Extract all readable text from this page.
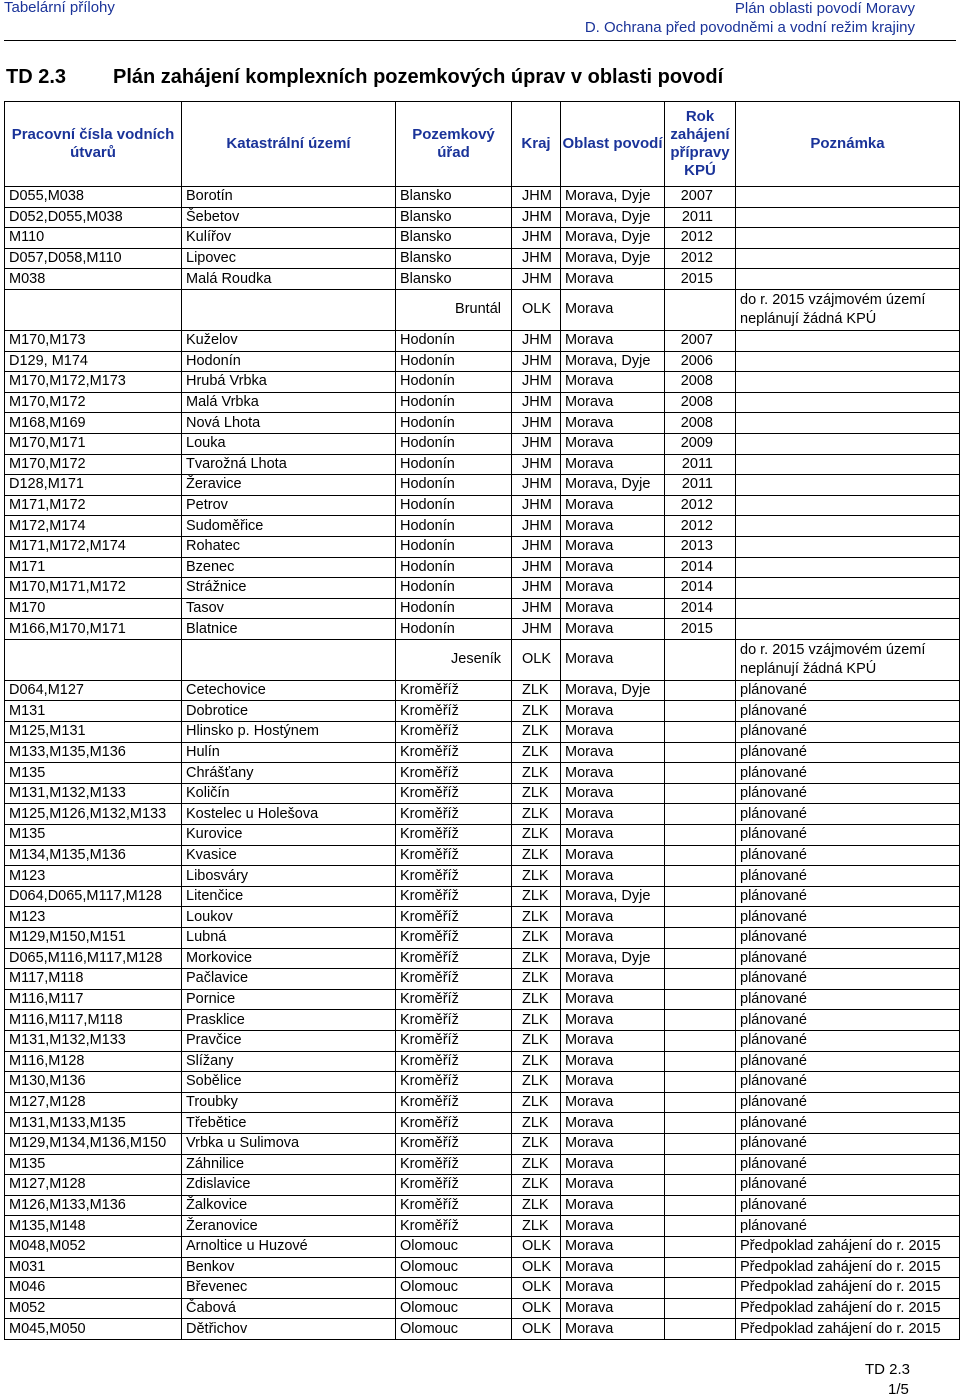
Tabelární přílohy	Plán oblasti povodí Moravy
D. Ochrana před povodněmi a vodní režim krajiny
TD 2.3 Plán zahájení komplexních pozemkových úprav v oblasti povodí
Pracovní čísla vodních útvarů	Katastrální území	Pozemkový úřad	Kraj	Oblast povodí	Rok zahájení přípravy KPÚ	Poznámka
D055,M038	Borotín	Blansko	JHM	Morava, Dyje	2007	
D052,D055,M038	Šebetov	Blansko	JHM	Morava, Dyje	2011	
M110	Kulířov	Blansko	JHM	Morava, Dyje	2012	
D057,D058,M110	Lipovec	Blansko	JHM	Morava, Dyje	2012	
M038	Malá Roudka	Blansko	JHM	Morava	2015	
		Bruntál	OLK	Morava		do r. 2015 vzájmovém území neplánují žádná KPÚ
M170,M173	Kuželov	Hodonín	JHM	Morava	2007	
D129, M174	Hodonín	Hodonín	JHM	Morava, Dyje	2006	
M170,M172,M173	Hrubá Vrbka	Hodonín	JHM	Morava	2008	
M170,M172	Malá Vrbka	Hodonín	JHM	Morava	2008	
M168,M169	Nová Lhota	Hodonín	JHM	Morava	2008	
M170,M171	Louka	Hodonín	JHM	Morava	2009	
M170,M172	Tvarožná Lhota	Hodonín	JHM	Morava	2011	
D128,M171	Žeravice	Hodonín	JHM	Morava, Dyje	2011	
M171,M172	Petrov	Hodonín	JHM	Morava	2012	
M172,M174	Sudoměřice	Hodonín	JHM	Morava	2012	
M171,M172,M174	Rohatec	Hodonín	JHM	Morava	2013	
M171	Bzenec	Hodonín	JHM	Morava	2014	
M170,M171,M172	Strážnice	Hodonín	JHM	Morava	2014	
M170	Tasov	Hodonín	JHM	Morava	2014	
M166,M170,M171	Blatnice	Hodonín	JHM	Morava	2015	
		Jeseník	OLK	Morava		do r. 2015 vzájmovém území neplánují žádná KPÚ
D064,M127	Cetechovice	Kroměříž	ZLK	Morava, Dyje		plánované
M131	Dobrotice	Kroměříž	ZLK	Morava		plánované
M125,M131	Hlinsko p. Hostýnem	Kroměříž	ZLK	Morava		plánované
M133,M135,M136	Hulín	Kroměříž	ZLK	Morava		plánované
M135	Chrášťany	Kroměříž	ZLK	Morava		plánované
M131,M132,M133	Količín	Kroměříž	ZLK	Morava		plánované
M125,M126,M132,M133	Kostelec u Holešova	Kroměříž	ZLK	Morava		plánované
M135	Kurovice	Kroměříž	ZLK	Morava		plánované
M134,M135,M136	Kvasice	Kroměříž	ZLK	Morava		plánované
M123	Libosváry	Kroměříž	ZLK	Morava		plánované
D064,D065,M117,M128	Litenčice	Kroměříž	ZLK	Morava, Dyje		plánované
M123	Loukov	Kroměříž	ZLK	Morava		plánované
M129,M150,M151	Lubná	Kroměříž	ZLK	Morava		plánované
D065,M116,M117,M128	Morkovice	Kroměříž	ZLK	Morava, Dyje		plánované
M117,M118	Pačlavice	Kroměříž	ZLK	Morava		plánované
M116,M117	Pornice	Kroměříž	ZLK	Morava		plánované
M116,M117,M118	Prasklice	Kroměříž	ZLK	Morava		plánované
M131,M132,M133	Pravčice	Kroměříž	ZLK	Morava		plánované
M116,M128	Slížany	Kroměříž	ZLK	Morava		plánované
M130,M136	Sobělice	Kroměříž	ZLK	Morava		plánované
M127,M128	Troubky	Kroměříž	ZLK	Morava		plánované
M131,M133,M135	Třebětice	Kroměříž	ZLK	Morava		plánované
M129,M134,M136,M150	Vrbka u Sulimova	Kroměříž	ZLK	Morava		plánované
M135	Záhnilice	Kroměříž	ZLK	Morava		plánované
M127,M128	Zdislavice	Kroměříž	ZLK	Morava		plánované
M126,M133,M136	Žalkovice	Kroměříž	ZLK	Morava		plánované
M135,M148	Žeranovice	Kroměříž	ZLK	Morava		plánované
M048,M052	Arnoltice u Huzové	Olomouc	OLK	Morava		Předpoklad zahájení do r. 2015
M031	Benkov	Olomouc	OLK	Morava		Předpoklad zahájení do r. 2015
M046	Břevenec	Olomouc	OLK	Morava		Předpoklad zahájení do r. 2015
M052	Čabová	Olomouc	OLK	Morava		Předpoklad zahájení do r. 2015
M045,M050	Dětřichov	Olomouc	OLK	Morava		Předpoklad zahájení do r. 2015
TD 2.3
1/5
